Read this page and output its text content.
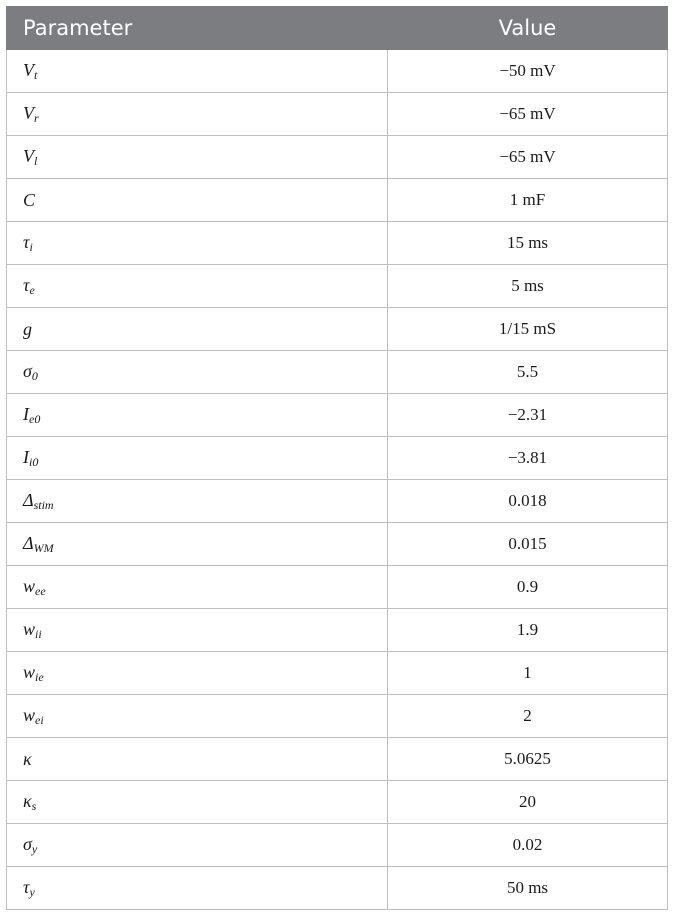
Parameter	Value
$V_t$	−50 mV
$V_r$	−65 mV
$V_l$	−65 mV
C	1 mF
$\tau_i$	15 ms
$\tau_e$	5 ms
g	1/15 mS
$\sigma_0$	5.5
$I_{e0}$	−2.31
$I_{i0}$	−3.81
$\Delta_{stim}$	0.018
$\Delta_{WM}$	0.015
$w_{ee}$	0.9
$w_{ii}$	1.9
$w_{ie}$	1
$w_{ei}$	2
κ	5.0625
$\kappa_s$	20
$\sigma_y$	0.02
$\tau_y$	50 ms
